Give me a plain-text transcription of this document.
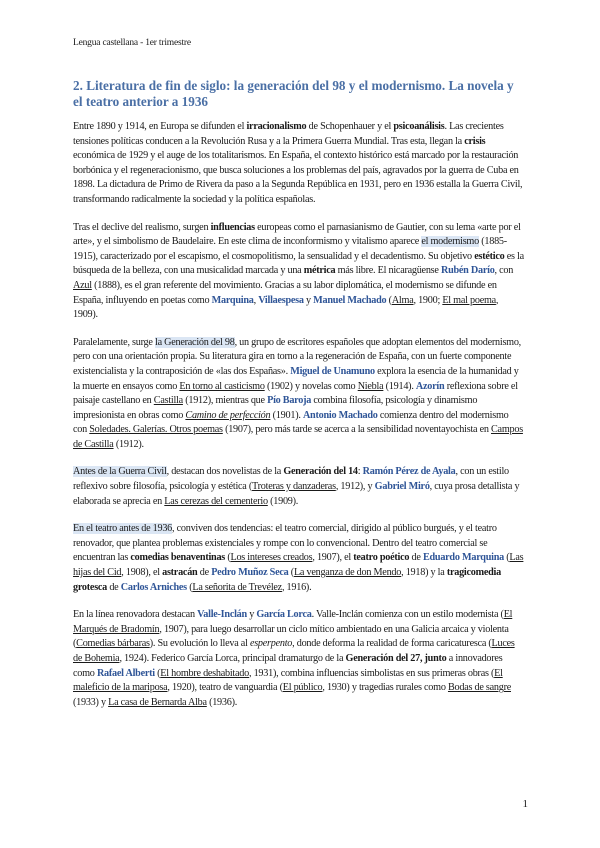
Lengua castellana - 1er trimestre
2. Literatura de fin de siglo: la generación del 98 y el modernismo. La novela y el teatro anterior a 1936

Entre 1890 y 1914, en Europa se difunden el irracionalismo de Schopenhauer y el psicoanálisis. Las crecientes tensiones políticas conducen a la Revolución Rusa y a la Primera Guerra Mundial. Tras esta, llegan la crisis económica de 1929 y el auge de los totalitarismos. En España, el contexto histórico está marcado por la restauración borbónica y el regeneracionismo, que busca soluciones a los problemas del país, agravados por la guerra de Cuba en 1898. La dictadura de Primo de Rivera da paso a la Segunda República en 1931, pero en 1936 estalla la Guerra Civil, transformando radicalmente la sociedad y la política españolas.

Tras el declive del realismo, surgen influencias europeas como el parnasianismo de Gautier, con su lema «arte por el arte», y el simbolismo de Baudelaire. En este clima de inconformismo y vitalismo aparece el modernismo (1885-1915), caracterizado por el escapismo, el cosmopolitismo, la sensualidad y el decadentismo. Su objetivo estético es la búsqueda de la belleza, con una musicalidad marcada y una métrica más libre. El nicaragüense Rubén Darío, con Azul (1888), es el gran referente del movimiento. Gracias a su labor diplomática, el modernismo se difunde en España, influyendo en poetas como Marquina, Villaespesa y Manuel Machado (Alma, 1900; El mal poema, 1909).

Paralelamente, surge la Generación del 98, un grupo de escritores españoles que adoptan elementos del modernismo, pero con una orientación propia. Su literatura gira en torno a la regeneración de España, con un fuerte componente existencialista y la contraposición de «las dos Españas». Miguel de Unamuno explora la esencia de la humanidad y la muerte en ensayos como En torno al casticismo (1902) y novelas como Niebla (1914). Azorín reflexiona sobre el paisaje castellano en Castilla (1912), mientras que Pío Baroja combina filosofía, psicología y dinamismo impresionista en obras como Camino de perfección (1901). Antonio Machado comienza dentro del modernismo con Soledades. Galerías. Otros poemas (1907), pero más tarde se acerca a la sensibilidad noventayochista en Campos de Castilla (1912).

Antes de la Guerra Civil, destacan dos novelistas de la Generación del 14: Ramón Pérez de Ayala, con un estilo reflexivo sobre filosofía, psicología y estética (Troteras y danzaderas, 1912), y Gabriel Miró, cuya prosa detallista y elaborada se aprecia en Las cerezas del cementerio (1909).

En el teatro antes de 1936, conviven dos tendencias: el teatro comercial, dirigido al público burgués, y el teatro renovador, que plantea problemas existenciales y rompe con lo convencional. Dentro del teatro comercial se encuentran las comedias benaventinas (Los intereses creados, 1907), el teatro poético de Eduardo Marquina (Las hijas del Cid, 1908), el astracán de Pedro Muñoz Seca (La venganza de don Mendo, 1918) y la tragicomedia grotesca de Carlos Arniches (La señorita de Trevélez, 1916).

En la línea renovadora destacan Valle-Inclán y García Lorca. Valle-Inclán comienza con un estilo modernista (El Marqués de Bradomín, 1907), para luego desarrollar un ciclo mítico ambientado en una Galicia arcaica y violenta (Comedias bárbaras). Su evolución lo lleva al esperpento, donde deforma la realidad de forma caricaturesca (Luces de Bohemia, 1924). Federico García Lorca, principal dramaturgo de la Generación del 27, junto a innovadores como Rafael Alberti (El hombre deshabitado, 1931), combina influencias simbolistas en sus primeras obras (El maleficio de la mariposa, 1920), teatro de vanguardia (El público, 1930) y tragedias rurales como Bodas de sangre (1933) y La casa de Bernarda Alba (1936).

1
